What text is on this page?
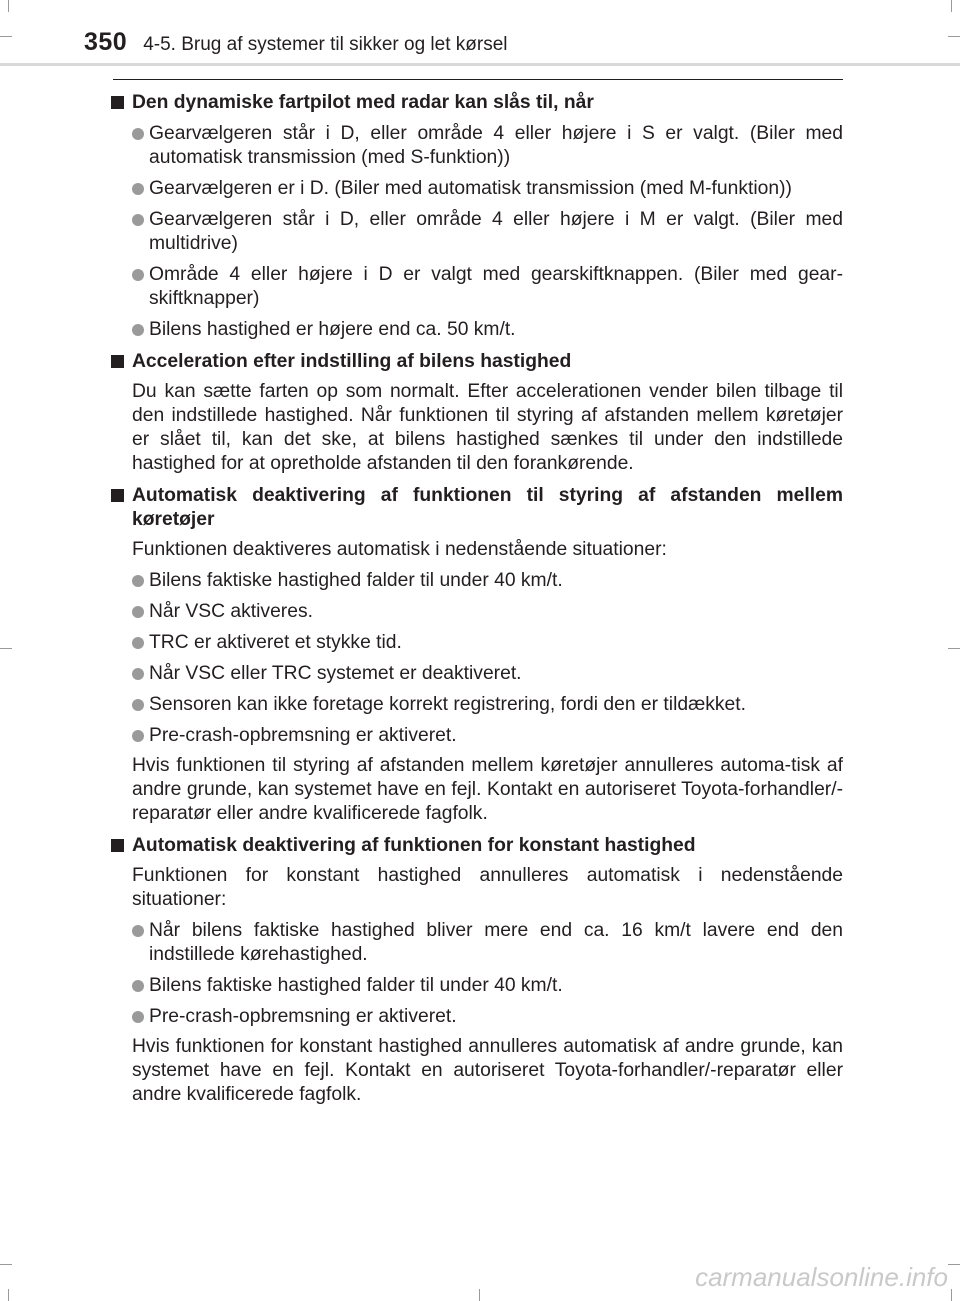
350 4-5. Brug af systemer til sikker og let kørsel
Den dynamiske fartpilot med radar kan slås til, når
Gearvælgeren står i D, eller område 4 eller højere i S er valgt. (Biler med automatisk transmission (med S-funktion))
Gearvælgeren er i D. (Biler med automatisk transmission (med M-funktion))
Gearvælgeren står i D, eller område 4 eller højere i M er valgt. (Biler med multidrive)
Område 4 eller højere i D er valgt med gearskiftknappen. (Biler med gear-skiftknapper)
Bilens hastighed er højere end ca. 50 km/t.
Acceleration efter indstilling af bilens hastighed
Du kan sætte farten op som normalt. Efter accelerationen vender bilen tilbage til den indstillede hastighed. Når funktionen til styring af afstanden mellem køretøjer er slået til, kan det ske, at bilens hastighed sænkes til under den indstillede hastighed for at opretholde afstanden til den forankørende.
Automatisk deaktivering af funktionen til styring af afstanden mellem køretøjer
Funktionen deaktiveres automatisk i nedenstående situationer:
Bilens faktiske hastighed falder til under 40 km/t.
Når VSC aktiveres.
TRC er aktiveret et stykke tid.
Når VSC eller TRC systemet er deaktiveret.
Sensoren kan ikke foretage korrekt registrering, fordi den er tildækket.
Pre-crash-opbremsning er aktiveret.
Hvis funktionen til styring af afstanden mellem køretøjer annulleres automa-tisk af andre grunde, kan systemet have en fejl. Kontakt en autoriseret Toyota-forhandler/-reparatør eller andre kvalificerede fagfolk.
Automatisk deaktivering af funktionen for konstant hastighed
Funktionen for konstant hastighed annulleres automatisk i nedenstående situationer:
Når bilens faktiske hastighed bliver mere end ca. 16 km/t lavere end den indstillede kørehastighed.
Bilens faktiske hastighed falder til under 40 km/t.
Pre-crash-opbremsning er aktiveret.
Hvis funktionen for konstant hastighed annulleres automatisk af andre grunde, kan systemet have en fejl. Kontakt en autoriseret Toyota-forhandler/-reparatør eller andre kvalificerede fagfolk.
carmanualsonline.info
